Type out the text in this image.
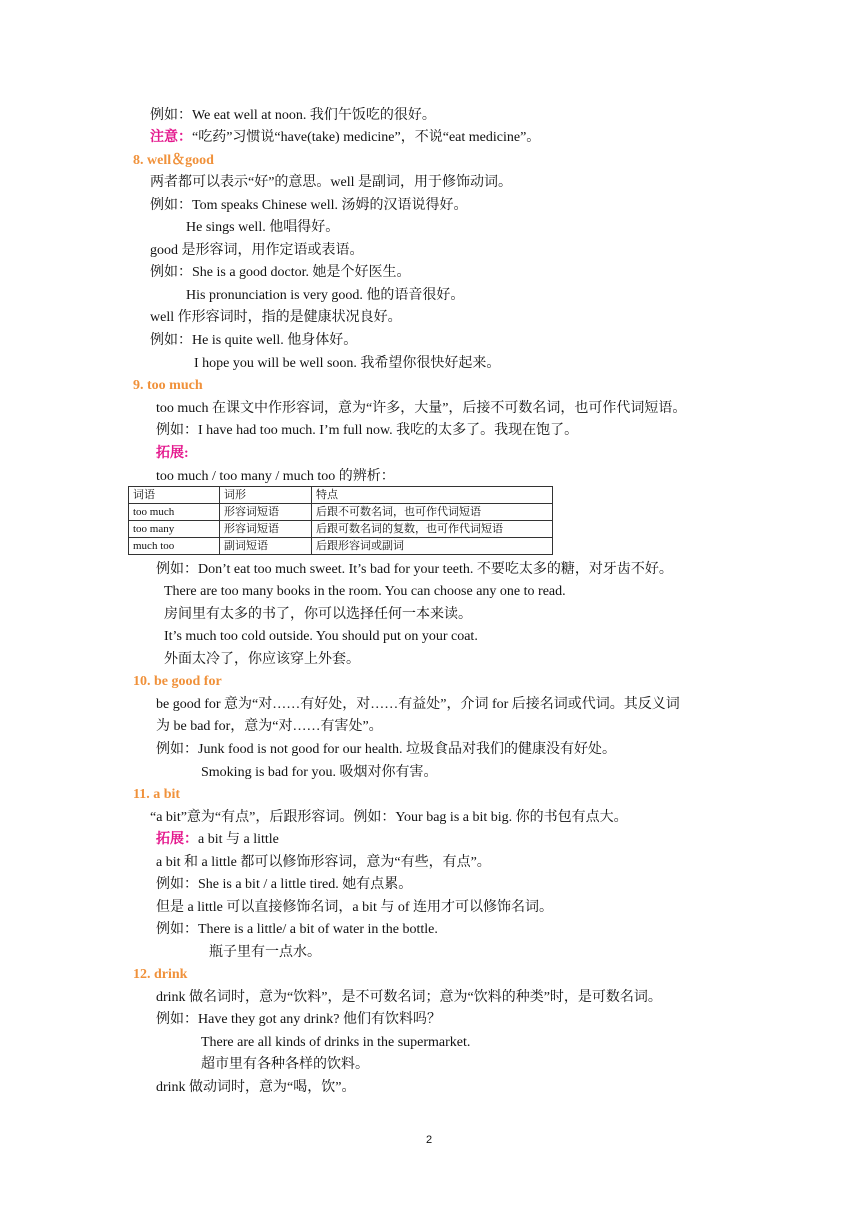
例如：We eat well at noon. 我们午饭吃的很好。
注意：“吃药”习惯说“have(take) medicine”，不说“eat medicine”。
8. well＆good
两者都可以表示“好”的意思。well 是副词，用于修饰动词。
例如：Tom speaks Chinese well. 汤姆的汉语说得好。
He sings well. 他唱得好。
good 是形容词，用作定语或表语。
例如：She is a good doctor. 她是个好医生。
His pronunciation is very good. 他的语音很好。
well 作形容词时，指的是健康状况良好。
例如：He is quite well. 他身体好。
I hope you will be well soon. 我希望你很快好起来。
9. too much
too much 在课文中作形容词，意为“许多，大量”，后接不可数名词，也可作代词短语。
例如：I have had too much. I’m full now. 我吃的太多了。我现在饱了。
拓展:
too much / too many / much too 的辨析：
词语	词形	特点
too much	形容词短语	后跟不可数名词，也可作代词短语
too many	形容词短语	后跟可数名词的复数，也可作代词短语
much too	副词短语	后跟形容词或副词
例如：Don’t eat too much sweet. It’s bad for your teeth. 不要吃太多的糖，对牙齿不好。
There are too many books in the room. You can choose any one to read.
房间里有太多的书了，你可以选择任何一本来读。
It’s much too cold outside. You should put on your coat.
外面太冷了，你应该穿上外套。
10. be good for
be good for 意为“对……有好处，对……有益处”，介词 for 后接名词或代词。其反义词
为 be bad for，意为“对……有害处”。
例如：Junk food is not good for our health. 垃圾食品对我们的健康没有好处。
Smoking is bad for you. 吸烟对你有害。
11. a bit
“a bit”意为“有点”，后跟形容词。例如：Your bag is a bit big. 你的书包有点大。
拓展：a bit 与 a little
a bit 和 a little 都可以修饰形容词，意为“有些，有点”。
例如：She is a bit / a little tired. 她有点累。
但是 a little 可以直接修饰名词，a bit 与 of 连用才可以修饰名词。
例如：There is a little/ a bit of water in the bottle.
瓶子里有一点水。
12. drink
drink 做名词时，意为“饮料”，是不可数名词；意为“饮料的种类”时，是可数名词。
例如：Have they got any drink? 他们有饮料吗？
There are all kinds of drinks in the supermarket.
超市里有各种各样的饮料。
drink 做动词时，意为“喝，饮”。
2
